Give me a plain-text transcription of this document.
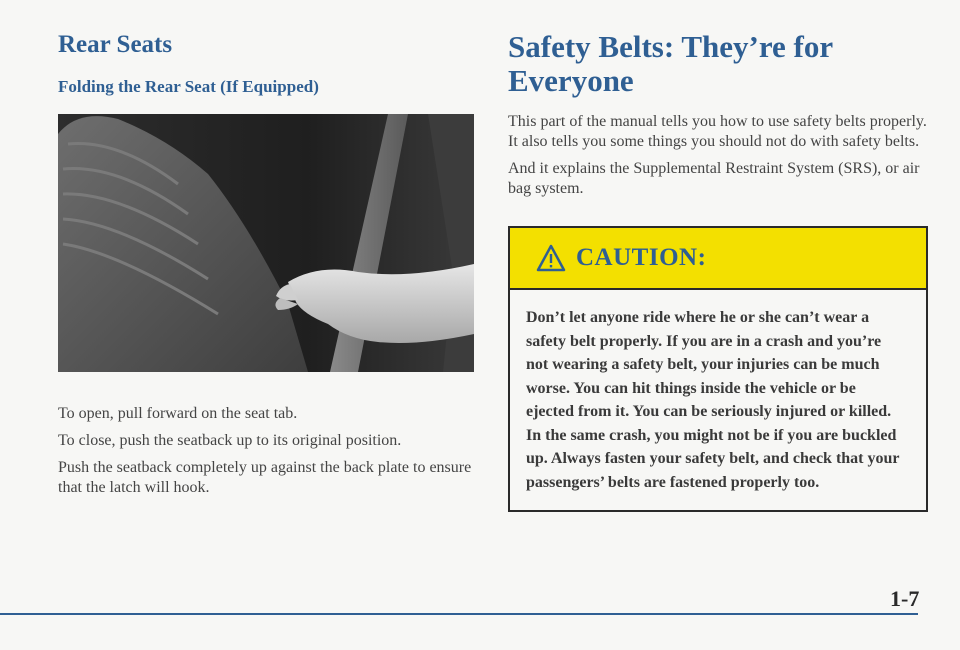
Rear Seats
Folding the Rear Seat (If Equipped)

To open, pull forward on the seat tab.

To close, push the seatback up to its original position.

Push the seatback completely up against the back plate to ensure that the latch will hook.

Safety Belts: They’re for Everyone

This part of the manual tells you how to use safety belts properly. It also tells you some things you should not do with safety belts.

And it explains the Supplemental Restraint System (SRS), or air bag system.

CAUTION:

Don’t let anyone ride where he or she can’t wear a safety belt properly. If you are in a crash and you’re not wearing a safety belt, your injuries can be much worse. You can hit things inside the vehicle or be ejected from it. You can be seriously injured or killed. In the same crash, you might not be if you are buckled up. Always fasten your safety belt, and check that your passengers’ belts are fastened properly too.

1-7
